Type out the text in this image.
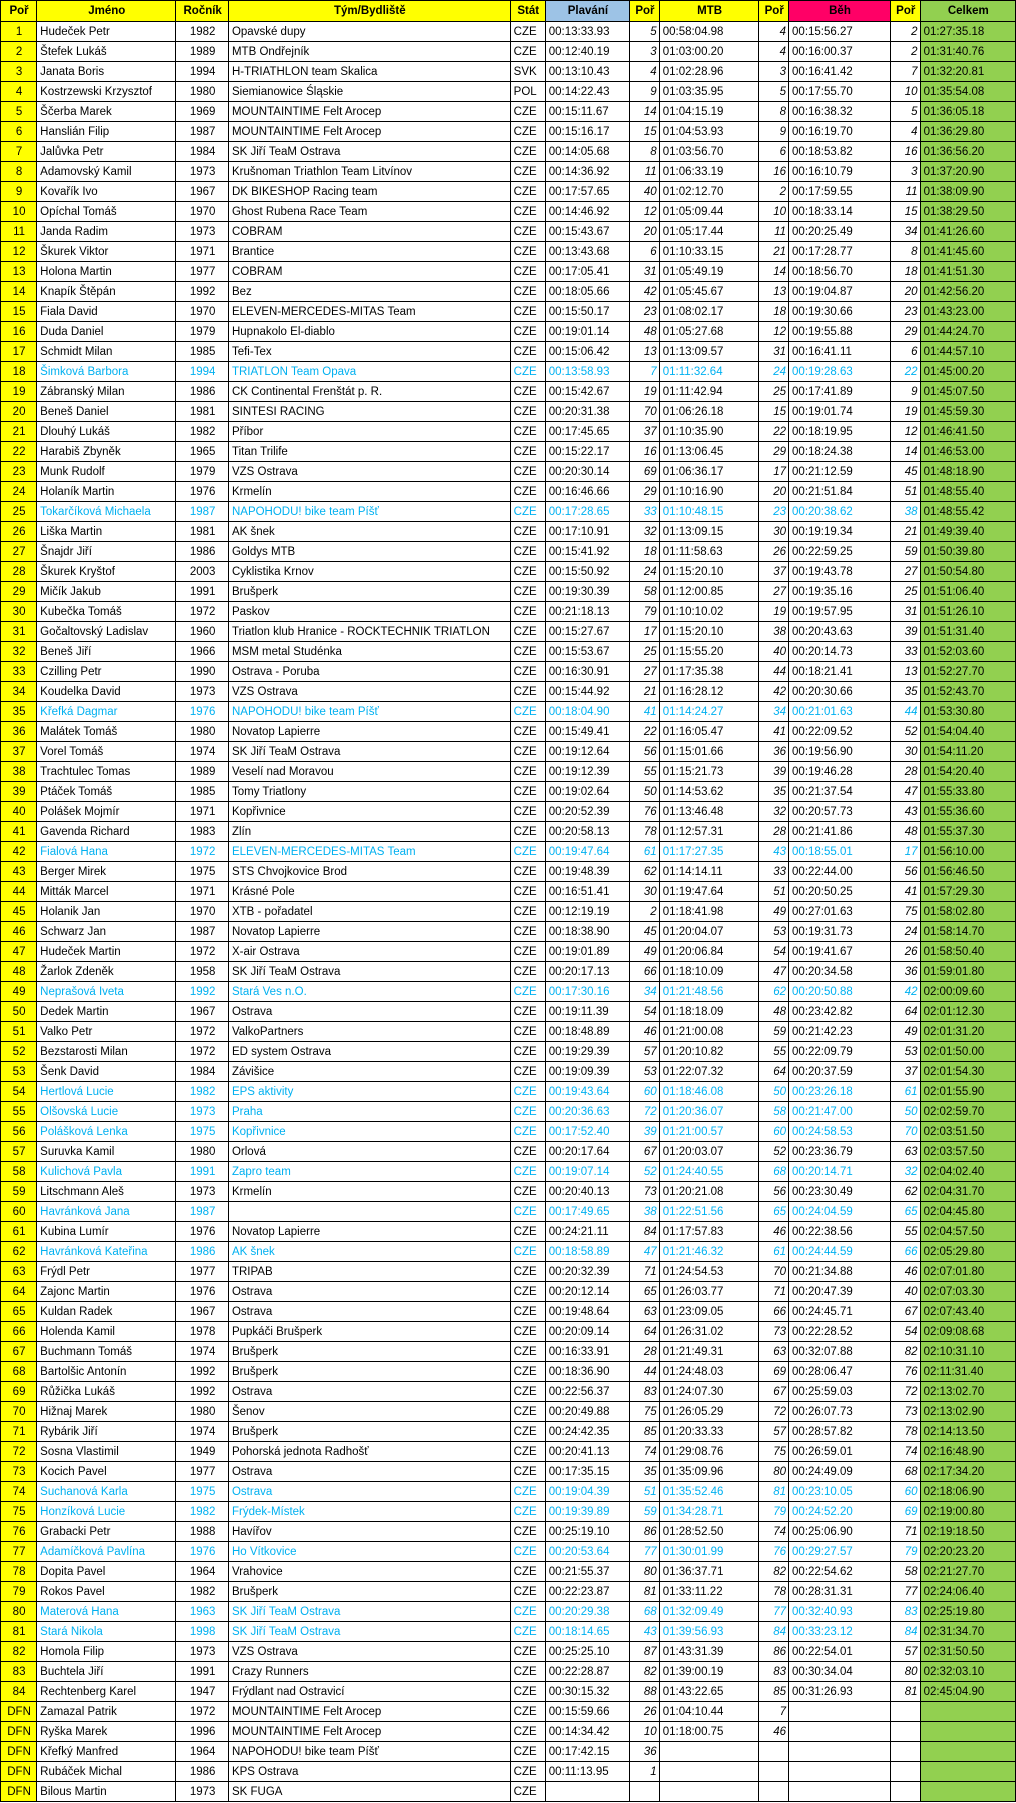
Poř	Jméno	Ročník	Tým/Bydliště	Stát	Plavání	Poř	MTB	Poř	Běh	Poř	Celkem
1	Hudeček Petr	1982	Opavské dupy	CZE	00:13:33.93	5	00:58:04.98	4	00:15:56.27	2	01:27:35.18
2	Štefek Lukáš	1989	MTB Ondřejník	CZE	00:12:40.19	3	01:03:00.20	4	00:16:00.37	2	01:31:40.76
3	Janata Boris	1994	H-TRIATHLON team Skalica	SVK	00:13:10.43	4	01:02:28.96	3	00:16:41.42	7	01:32:20.81
4	Kostrzewski Krzysztof	1980	Siemianowice Śląskie	POL	00:14:22.43	9	01:03:35.95	5	00:17:55.70	10	01:35:54.08
5	Ščerba Marek	1969	MOUNTAINTIME Felt Arocep	CZE	00:15:11.67	14	01:04:15.19	8	00:16:38.32	5	01:36:05.18
6	Hanslián Filip	1987	MOUNTAINTIME Felt Arocep	CZE	00:15:16.17	15	01:04:53.93	9	00:16:19.70	4	01:36:29.80
7	Jalůvka Petr	1984	SK Jiří TeaM Ostrava	CZE	00:14:05.68	8	01:03:56.70	6	00:18:53.82	16	01:36:56.20
8	Adamovský Kamil	1973	Krušnoman Triathlon Team Litvínov	CZE	00:14:36.92	11	01:06:33.19	16	00:16:10.79	3	01:37:20.90
9	Kovařík Ivo	1967	DK BIKESHOP Racing team	CZE	00:17:57.65	40	01:02:12.70	2	00:17:59.55	11	01:38:09.90
10	Opíchal Tomáš	1970	Ghost Rubena Race Team	CZE	00:14:46.92	12	01:05:09.44	10	00:18:33.14	15	01:38:29.50
11	Janda Radim	1973	COBRAM	CZE	00:15:43.67	20	01:05:17.44	11	00:20:25.49	34	01:41:26.60
12	Škurek Viktor	1971	Brantice	CZE	00:13:43.68	6	01:10:33.15	21	00:17:28.77	8	01:41:45.60
13	Holona Martin	1977	COBRAM	CZE	00:17:05.41	31	01:05:49.19	14	00:18:56.70	18	01:41:51.30
14	Knapík Štěpán	1992	Bez	CZE	00:18:05.66	42	01:05:45.67	13	00:19:04.87	20	01:42:56.20
15	Fiala David	1970	ELEVEN-MERCEDES-MITAS Team	CZE	00:15:50.17	23	01:08:02.17	18	00:19:30.66	23	01:43:23.00
16	Duda Daniel	1979	Hupnakolo El-diablo	CZE	00:19:01.14	48	01:05:27.68	12	00:19:55.88	29	01:44:24.70
17	Schmidt Milan	1985	Tefi-Tex	CZE	00:15:06.42	13	01:13:09.57	31	00:16:41.11	6	01:44:57.10
18	Šimková Barbora	1994	TRIATLON Team Opava	CZE	00:13:58.93	7	01:11:32.64	24	00:19:28.63	22	01:45:00.20
19	Zábranský Milan	1986	CK Continental Frenštát p. R.	CZE	00:15:42.67	19	01:11:42.94	25	00:17:41.89	9	01:45:07.50
20	Beneš Daniel	1981	SINTESI RACING	CZE	00:20:31.38	70	01:06:26.18	15	00:19:01.74	19	01:45:59.30
21	Dlouhý Lukáš	1982	Příbor	CZE	00:17:45.65	37	01:10:35.90	22	00:18:19.95	12	01:46:41.50
22	Harabiš Zbyněk	1965	Titan Trilife	CZE	00:15:22.17	16	01:13:06.45	29	00:18:24.38	14	01:46:53.00
23	Munk Rudolf	1979	VZS Ostrava	CZE	00:20:30.14	69	01:06:36.17	17	00:21:12.59	45	01:48:18.90
24	Holaník Martin	1976	Krmelín	CZE	00:16:46.66	29	01:10:16.90	20	00:21:51.84	51	01:48:55.40
25	Tokarčíková Michaela	1987	NAPOHODU! bike team Píšť	CZE	00:17:28.65	33	01:10:48.15	23	00:20:38.62	38	01:48:55.42
26	Liška Martin	1981	AK šnek	CZE	00:17:10.91	32	01:13:09.15	30	00:19:19.34	21	01:49:39.40
27	Šnajdr Jiří	1986	Goldys MTB	CZE	00:15:41.92	18	01:11:58.63	26	00:22:59.25	59	01:50:39.80
28	Škurek Kryštof	2003	Cyklistika Krnov	CZE	00:15:50.92	24	01:15:20.10	37	00:19:43.78	27	01:50:54.80
29	Mičík Jakub	1991	Brušperk	CZE	00:19:30.39	58	01:12:00.85	27	00:19:35.16	25	01:51:06.40
30	Kubečka Tomáš	1972	Paskov	CZE	00:21:18.13	79	01:10:10.02	19	00:19:57.95	31	01:51:26.10
31	Gočaltovský Ladislav	1960	Triatlon klub Hranice - ROCKTECHNIK TRIATLON	CZE	00:15:27.67	17	01:15:20.10	38	00:20:43.63	39	01:51:31.40
32	Beneš Jiří	1966	MSM metal Studénka	CZE	00:15:53.67	25	01:15:55.20	40	00:20:14.73	33	01:52:03.60
33	Czilling Petr	1990	Ostrava - Poruba	CZE	00:16:30.91	27	01:17:35.38	44	00:18:21.41	13	01:52:27.70
34	Koudelka David	1973	VZS Ostrava	CZE	00:15:44.92	21	01:16:28.12	42	00:20:30.66	35	01:52:43.70
35	Křefká Dagmar	1976	NAPOHODU! bike team Píšť	CZE	00:18:04.90	41	01:14:24.27	34	00:21:01.63	44	01:53:30.80
36	Malátek Tomáš	1980	Novatop Lapierre	CZE	00:15:49.41	22	01:16:05.47	41	00:22:09.52	52	01:54:04.40
37	Vorel Tomáš	1974	SK Jiří TeaM Ostrava	CZE	00:19:12.64	56	01:15:01.66	36	00:19:56.90	30	01:54:11.20
38	Trachtulec Tomas	1989	Veselí nad Moravou	CZE	00:19:12.39	55	01:15:21.73	39	00:19:46.28	28	01:54:20.40
39	Ptáček Tomáš	1985	Tomy Triatlony	CZE	00:19:02.64	50	01:14:53.62	35	00:21:37.54	47	01:55:33.80
40	Polášek Mojmír	1971	Kopřivnice	CZE	00:20:52.39	76	01:13:46.48	32	00:20:57.73	43	01:55:36.60
41	Gavenda Richard	1983	Zlín	CZE	00:20:58.13	78	01:12:57.31	28	00:21:41.86	48	01:55:37.30
42	Fialová Hana	1972	ELEVEN-MERCEDES-MITAS Team	CZE	00:19:47.64	61	01:17:27.35	43	00:18:55.01	17	01:56:10.00
43	Berger Mirek	1975	STS Chvojkovice Brod	CZE	00:19:48.39	62	01:14:14.11	33	00:22:44.00	56	01:56:46.50
44	Mitták Marcel	1971	Krásné Pole	CZE	00:16:51.41	30	01:19:47.64	51	00:20:50.25	41	01:57:29.30
45	Holanik Jan	1970	XTB - pořadatel	CZE	00:12:19.19	2	01:18:41.98	49	00:27:01.63	75	01:58:02.80
46	Schwarz Jan	1987	Novatop Lapierre	CZE	00:18:38.90	45	01:20:04.07	53	00:19:31.73	24	01:58:14.70
47	Hudeček Martin	1972	X-air Ostrava	CZE	00:19:01.89	49	01:20:06.84	54	00:19:41.67	26	01:58:50.40
48	Žarlok Zdeněk	1958	SK Jiří TeaM Ostrava	CZE	00:20:17.13	66	01:18:10.09	47	00:20:34.58	36	01:59:01.80
49	Neprašová Iveta	1992	Stará Ves n.O.	CZE	00:17:30.16	34	01:21:48.56	62	00:20:50.88	42	02:00:09.60
50	Dedek Martin	1967	Ostrava	CZE	00:19:11.39	54	01:18:18.09	48	00:23:42.82	64	02:01:12.30
51	Valko Petr	1972	ValkoPartners	CZE	00:18:48.89	46	01:21:00.08	59	00:21:42.23	49	02:01:31.20
52	Bezstarosti Milan	1972	ED system Ostrava	CZE	00:19:29.39	57	01:20:10.82	55	00:22:09.79	53	02:01:50.00
53	Šenk David	1984	Závišice	CZE	00:19:09.39	53	01:22:07.32	64	00:20:37.59	37	02:01:54.30
54	Hertlová Lucie	1982	EPS aktivity	CZE	00:19:43.64	60	01:18:46.08	50	00:23:26.18	61	02:01:55.90
55	Olšovská Lucie	1973	Praha	CZE	00:20:36.63	72	01:20:36.07	58	00:21:47.00	50	02:02:59.70
56	Polášková Lenka	1975	Kopřivnice	CZE	00:17:52.40	39	01:21:00.57	60	00:24:58.53	70	02:03:51.50
57	Suruvka Kamil	1980	Orlová	CZE	00:20:17.64	67	01:20:03.07	52	00:23:36.79	63	02:03:57.50
58	Kulichová Pavla	1991	Zapro team	CZE	00:19:07.14	52	01:24:40.55	68	00:20:14.71	32	02:04:02.40
59	Litschmann Aleš	1973	Krmelín	CZE	00:20:40.13	73	01:20:21.08	56	00:23:30.49	62	02:04:31.70
60	Havránková Jana	1987		CZE	00:17:49.65	38	01:22:51.56	65	00:24:04.59	65	02:04:45.80
61	Kubina Lumír	1976	Novatop Lapierre	CZE	00:24:21.11	84	01:17:57.83	46	00:22:38.56	55	02:04:57.50
62	Havránková Kateřina	1986	AK šnek	CZE	00:18:58.89	47	01:21:46.32	61	00:24:44.59	66	02:05:29.80
63	Frýdl Petr	1977	TRIPAB	CZE	00:20:32.39	71	01:24:54.53	70	00:21:34.88	46	02:07:01.80
64	Zajonc Martin	1976	Ostrava	CZE	00:20:12.14	65	01:26:03.77	71	00:20:47.39	40	02:07:03.30
65	Kuldan Radek	1967	Ostrava	CZE	00:19:48.64	63	01:23:09.05	66	00:24:45.71	67	02:07:43.40
66	Holenda Kamil	1978	Pupkáči Brušperk	CZE	00:20:09.14	64	01:26:31.02	73	00:22:28.52	54	02:09:08.68
67	Buchmann Tomáš	1974	Brušperk	CZE	00:16:33.91	28	01:21:49.31	63	00:32:07.88	82	02:10:31.10
68	Bartolšic Antonín	1992	Brušperk	CZE	00:18:36.90	44	01:24:48.03	69	00:28:06.47	76	02:11:31.40
69	Růžička Lukáš	1992	Ostrava	CZE	00:22:56.37	83	01:24:07.30	67	00:25:59.03	72	02:13:02.70
70	Hižnaj Marek	1980	Šenov	CZE	00:20:49.88	75	01:26:05.29	72	00:26:07.73	73	02:13:02.90
71	Rybárik Jiří	1974	Brušperk	CZE	00:24:42.35	85	01:20:33.33	57	00:28:57.82	78	02:14:13.50
72	Sosna Vlastimil	1949	Pohorská jednota Radhošť	CZE	00:20:41.13	74	01:29:08.76	75	00:26:59.01	74	02:16:48.90
73	Kocich Pavel	1977	Ostrava	CZE	00:17:35.15	35	01:35:09.96	80	00:24:49.09	68	02:17:34.20
74	Suchanová Karla	1975	Ostrava	CZE	00:19:04.39	51	01:35:52.46	81	00:23:10.05	60	02:18:06.90
75	Honzíková Lucie	1982	Frýdek-Místek	CZE	00:19:39.89	59	01:34:28.71	79	00:24:52.20	69	02:19:00.80
76	Grabacki Petr	1988	Havířov	CZE	00:25:19.10	86	01:28:52.50	74	00:25:06.90	71	02:19:18.50
77	Adamíčková Pavlína	1976	Ho Vítkovice	CZE	00:20:53.64	77	01:30:01.99	76	00:29:27.57	79	02:20:23.20
78	Dopita Pavel	1964	Vrahovice	CZE	00:21:55.37	80	01:36:37.71	82	00:22:54.62	58	02:21:27.70
79	Rokos Pavel	1982	Brušperk	CZE	00:22:23.87	81	01:33:11.22	78	00:28:31.31	77	02:24:06.40
80	Materová Hana	1963	SK Jiří TeaM Ostrava	CZE	00:20:29.38	68	01:32:09.49	77	00:32:40.93	83	02:25:19.80
81	Stará Nikola	1998	SK Jiří TeaM Ostrava	CZE	00:18:14.65	43	01:39:56.93	84	00:33:23.12	84	02:31:34.70
82	Homola Filip	1973	VZS Ostrava	CZE	00:25:25.10	87	01:43:31.39	86	00:22:54.01	57	02:31:50.50
83	Buchtela Jiří	1991	Crazy Runners	CZE	00:22:28.87	82	01:39:00.19	83	00:30:34.04	80	02:32:03.10
84	Rechtenberg Karel	1947	Frýdlant nad Ostravicí	CZE	00:30:15.32	88	01:43:22.65	85	00:31:26.93	81	02:45:04.90
DFN	Zamazal Patrik	1972	MOUNTAINTIME Felt Arocep	CZE	00:15:59.66	26	01:04:10.44	7			
DFN	Ryška Marek	1996	MOUNTAINTIME Felt Arocep	CZE	00:14:34.42	10	01:18:00.75	46			
DFN	Křefký Manfred	1964	NAPOHODU! bike team Píšť	CZE	00:17:42.15	36					
DFN	Rubáček Michal	1986	KPS Ostrava	CZE	00:11:13.95	1					
DFN	Bilous Martin	1973	SK FUGA	CZE							
